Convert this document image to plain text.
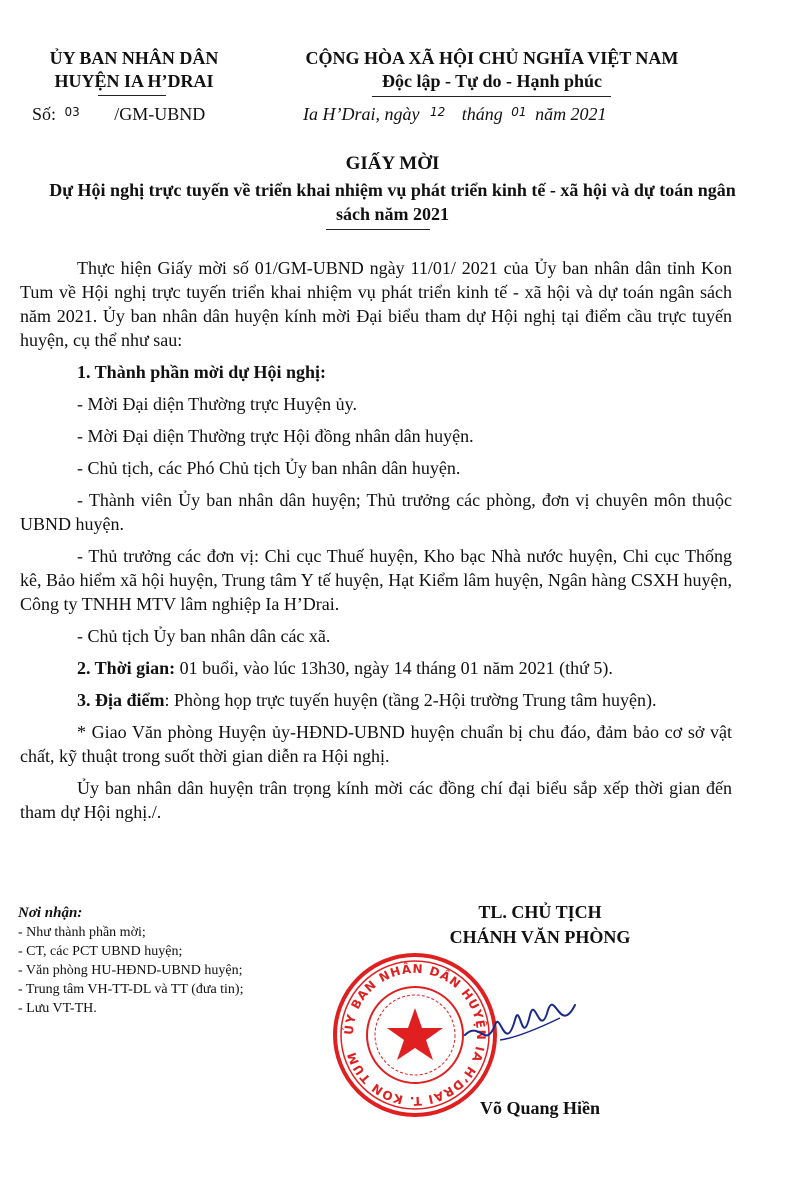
ỦY BAN NHÂN DÂN
HUYỆN IA H’DRAI
CỘNG HÒA XÃ HỘI CHỦ NGHĨA VIỆT NAM
Độc lập - Tự do - Hạnh phúc
Số: $^{03}$ /GM-UBND	Ia H’Drai, ngày $^{12}$ tháng $^{01}$ năm 2021
GIẤY MỜI
Dự Hội nghị trực tuyến về triển khai nhiệm vụ phát triển kinh tế - xã hội và dự toán ngân sách năm 2021

Thực hiện Giấy mời số 01/GM-UBND ngày 11/01/ 2021 của Ủy ban nhân dân tỉnh Kon Tum về Hội nghị trực tuyến triển khai nhiệm vụ phát triển kinh tế - xã hội và dự toán ngân sách năm 2021. Ủy ban nhân dân huyện kính mời Đại biểu tham dự Hội nghị tại điểm cầu trực tuyến huyện, cụ thể như sau:

1. Thành phần mời dự Hội nghị:

- Mời Đại diện Thường trực Huyện ủy.

- Mời Đại diện Thường trực Hội đồng nhân dân huyện.

- Chủ tịch, các Phó Chủ tịch Ủy ban nhân dân huyện.

- Thành viên Ủy ban nhân dân huyện; Thủ trưởng các phòng, đơn vị chuyên môn thuộc UBND huyện.

- Thủ trưởng các đơn vị: Chi cục Thuế huyện, Kho bạc Nhà nước huyện, Chi cục Thống kê, Bảo hiểm xã hội huyện, Trung tâm Y tế huyện, Hạt Kiểm lâm huyện, Ngân hàng CSXH huyện, Công ty TNHH MTV lâm nghiệp Ia H’Drai.

- Chủ tịch Ủy ban nhân dân các xã.

2. Thời gian: 01 buổi, vào lúc 13h30, ngày 14 tháng 01 năm 2021 (thứ 5).

3. Địa điểm: Phòng họp trực tuyến huyện (tầng 2-Hội trường Trung tâm huyện).

* Giao Văn phòng Huyện ủy-HĐND-UBND huyện chuẩn bị chu đáo, đảm bảo cơ sở vật chất, kỹ thuật trong suốt thời gian diễn ra Hội nghị.

Ủy ban nhân dân huyện trân trọng kính mời các đồng chí đại biểu sắp xếp thời gian đến tham dự Hội nghị./.

Nơi nhận:
- Như thành phần mời;
- CT, các PCT UBND huyện;
- Văn phòng HU-HĐND-UBND huyện;
- Trung tâm VH-TT-DL và TT (đưa tin);
- Lưu VT-TH.
TL. CHỦ TỊCH
CHÁNH VĂN PHÒNG
ỦY BAN NHÂN DÂN HUYỆN IA H’DRAI T. KON TUM
Võ Quang Hiền
